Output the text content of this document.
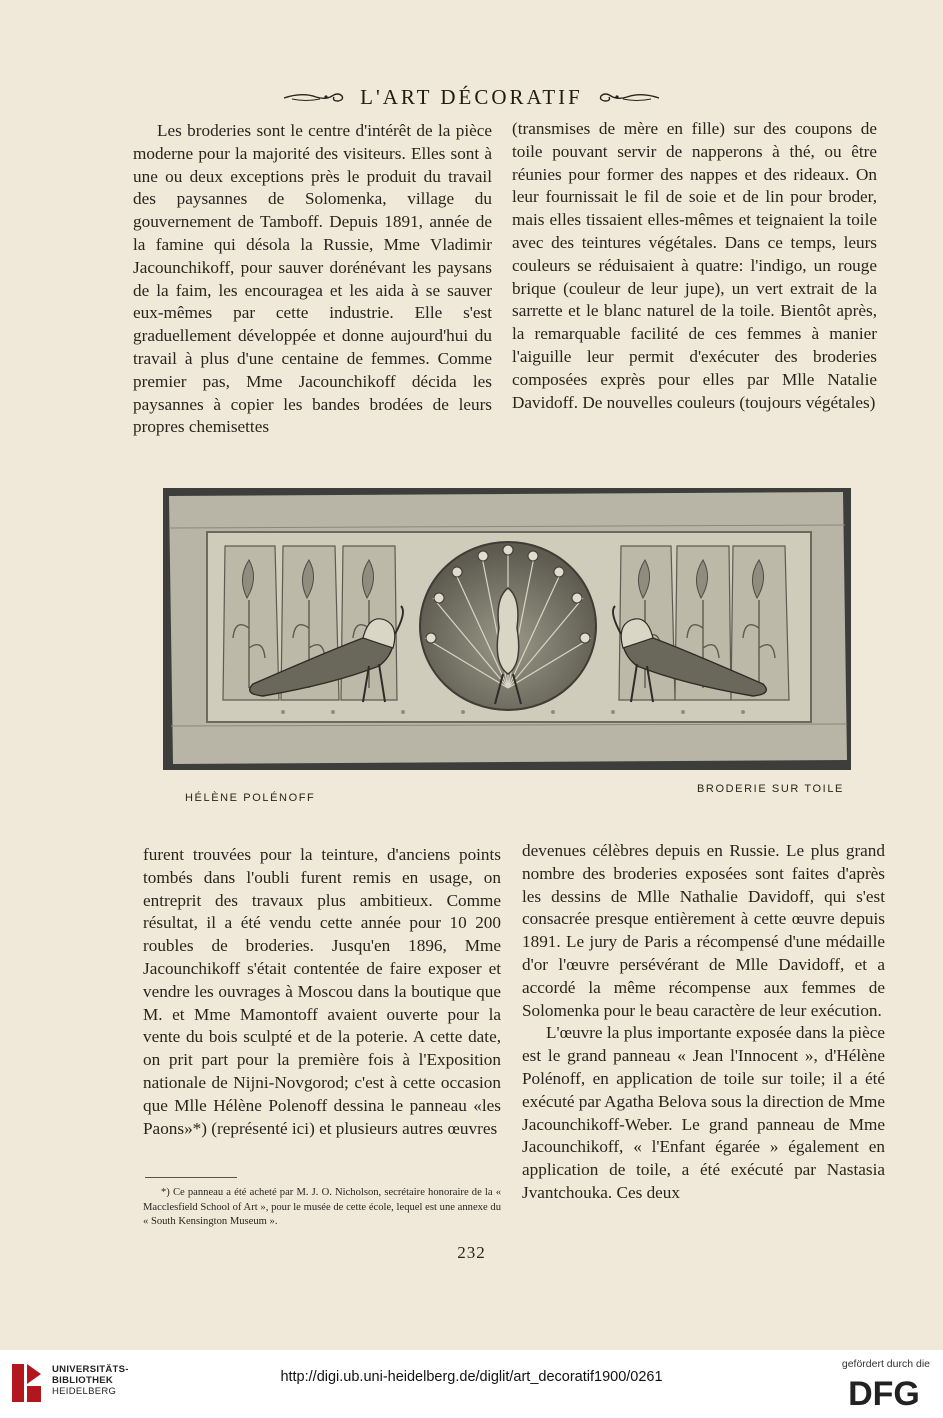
L'ART DÉCORATIF

Les broderies sont le centre d'intérêt de la pièce moderne pour la majorité des visiteurs. Elles sont à une ou deux exceptions près le produit du travail des paysannes de Solomenka, village du gouvernement de Tamboff. Depuis 1891, année de la famine qui désola la Russie, Mme Vladimir Jacounchikoff, pour sauver dorénévant les paysans de la faim, les encouragea et les aida à se sauver eux-mêmes par cette industrie. Elle s'est graduellement développée et donne aujourd'hui du travail à plus d'une centaine de femmes. Comme premier pas, Mme Jacounchikoff décida les paysannes à copier les bandes brodées de leurs propres chemisettes

(transmises de mère en fille) sur des coupons de toile pouvant servir de napperons à thé, ou être réunies pour former des nappes et des rideaux. On leur fournissait le fil de soie et de lin pour broder, mais elles tissaient elles-mêmes et teignaient la toile avec des teintures végétales. Dans ce temps, leurs couleurs se réduisaient à quatre: l'indigo, un rouge brique (couleur de leur jupe), un vert extrait de la sarrette et le blanc naturel de la toile. Bientôt après, la remarquable facilité de ces femmes à manier l'aiguille leur permit d'exécuter des broderies composées exprès pour elles par Mlle Natalie Davidoff. De nouvelles couleurs (toujours végétales)

HÉLÈNE POLÉNOFF
BRODERIE SUR TOILE

furent trouvées pour la teinture, d'anciens points tombés dans l'oubli furent remis en usage, on entreprit des travaux plus ambitieux. Comme résultat, il a été vendu cette année pour 10 200 roubles de broderies. Jusqu'en 1896, Mme Jacounchikoff s'était contentée de faire exposer et vendre les ouvrages à Moscou dans la boutique que M. et Mme Mamontoff avaient ouverte pour la vente du bois sculpté et de la poterie. A cette date, on prit part pour la première fois à l'Exposition nationale de Nijni-Novgorod; c'est à cette occasion que Mlle Hélène Polenoff dessina le panneau «les Paons»*) (représenté ici) et plusieurs autres œuvres

devenues célèbres depuis en Russie. Le plus grand nombre des broderies exposées sont faites d'après les dessins de Mlle Nathalie Davidoff, qui s'est consacrée presque entièrement à cette œuvre depuis 1891. Le jury de Paris a récompensé d'une médaille d'or l'œuvre persévérant de Mlle Davidoff, et a accordé la même récompense aux femmes de Solomenka pour le beau caractère de leur exécution.

L'œuvre la plus importante exposée dans la pièce est le grand panneau « Jean l'Innocent », d'Hélène Polénoff, en application de toile sur toile; il a été exécuté par Agatha Belova sous la direction de Mme Jacounchikoff-Weber. Le grand panneau de Mme Jacounchikoff, « l'Enfant égarée » également en application de toile, a été exécuté par Nastasia Jvantchouka. Ces deux

*) Ce panneau a été acheté par M. J. O. Nicholson, secrétaire honoraire de la « Macclesfield School of Art », pour le musée de cette école, lequel est une annexe du « South Kensington Museum ».
232
UNIVERSITÄTS-
BIBLIOTHEK
HEIDELBERG
http://digi.ub.uni-heidelberg.de/diglit/art_decoratif1900/0261
gefördert durch die
DFG
